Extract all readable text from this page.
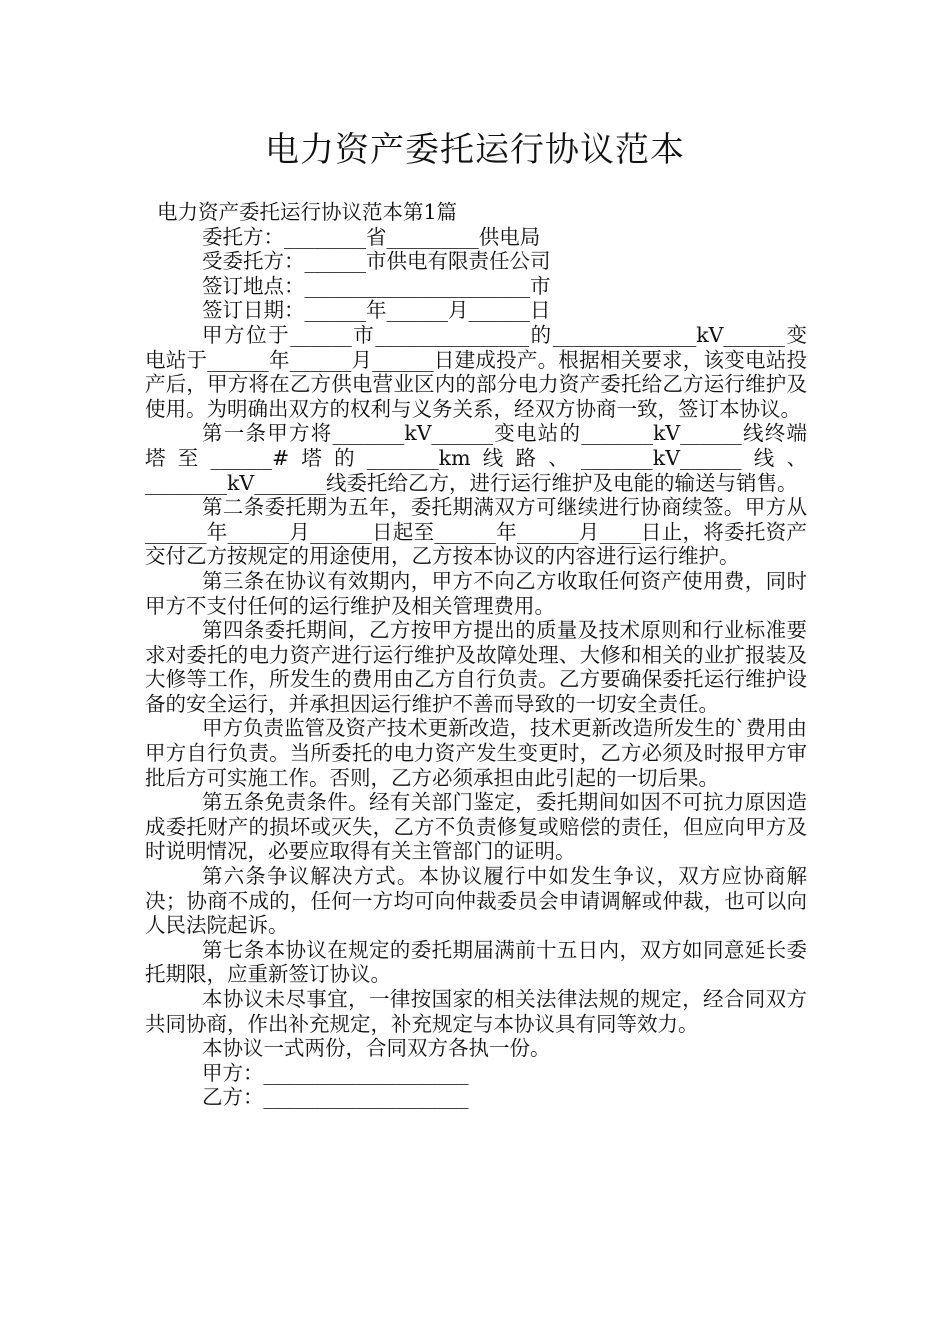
电力资产委托运行协议范本

电力资产委托运行协议范本第1篇

委托方：________省_________供电局

受委托方：______市供电有限责任公司

签订地点：______________________市

签订日期：______年______月______日

甲方位于______市_______________的______________kV______变电站于______年______月______日建成投产。根据相关要求，该变电站投产后，甲方将在乙方供电营业区内的部分电力资产委托给乙方运行维护及使用。为明确出双方的权利与义务关系，经双方协商一致，签订本协议。

第一条甲方将_______kV______变电站的_______kV______线终端塔至______#塔的_______km线路、_______kV______线、________kV_______线委托给乙方，进行运行维护及电能的输送与销售。

第二条委托期为五年，委托期满双方可继续进行协商续签。甲方从______年______月______日起至______年______月____日止，将委托资产交付乙方按规定的用途使用，乙方按本协议的内容进行运行维护。

第三条在协议有效期内，甲方不向乙方收取任何资产使用费，同时甲方不支付任何的运行维护及相关管理费用。

第四条委托期间，乙方按甲方提出的质量及技术原则和行业标准要求对委托的电力资产进行运行维护及故障处理、大修和相关的业扩报装及大修等工作，所发生的费用由乙方自行负责。乙方要确保委托运行维护设备的安全运行，并承担因运行维护不善而导致的一切安全责任。

甲方负责监管及资产技术更新改造，技术更新改造所发生的`费用由甲方自行负责。当所委托的电力资产发生变更时，乙方必须及时报甲方审批后方可实施工作。否则，乙方必须承担由此引起的一切后果。

第五条免责条件。经有关部门鉴定，委托期间如因不可抗力原因造成委托财产的损坏或灭失，乙方不负责修复或赔偿的责任，但应向甲方及时说明情况，必要应取得有关主管部门的证明。

第六条争议解决方式。本协议履行中如发生争议，双方应协商解决；协商不成的，任何一方均可向仲裁委员会申请调解或仲裁，也可以向人民法院起诉。

第七条本协议在规定的委托期届满前十五日内，双方如同意延长委托期限，应重新签订协议。

本协议未尽事宜，一律按国家的相关法律法规的规定，经合同双方共同协商，作出补充规定，补充规定与本协议具有同等效力。

本协议一式两份，合同双方各执一份。

甲方：____________________

乙方：____________________
